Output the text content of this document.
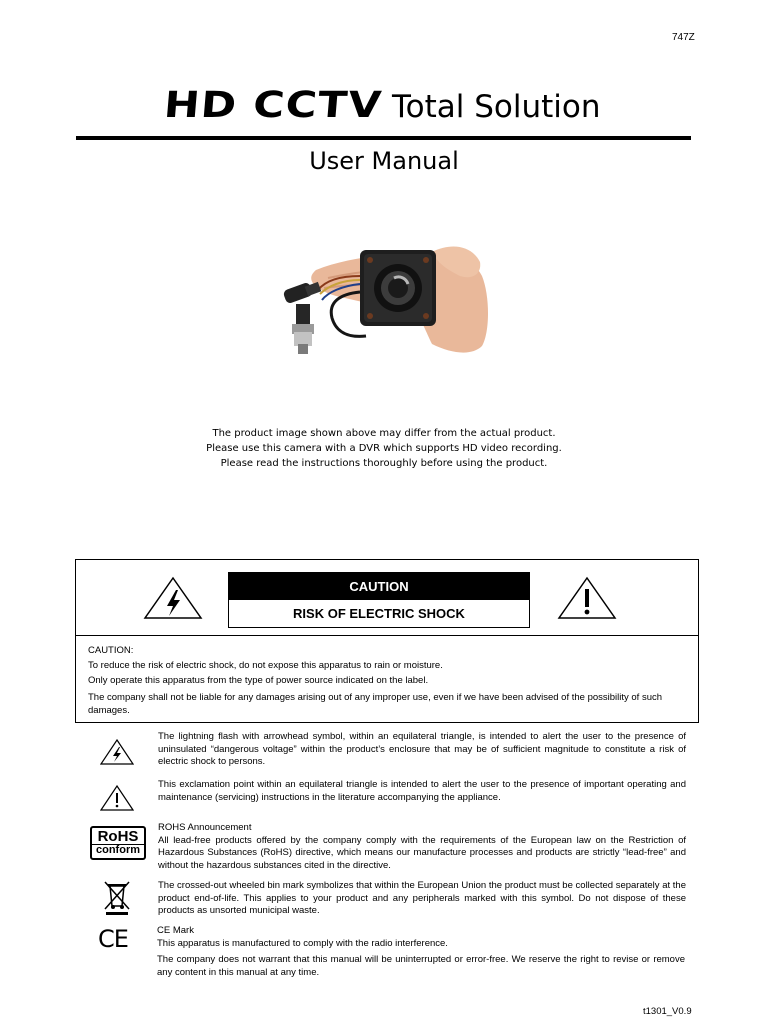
747Z
HD CCTV Total Solution
User Manual
The product image shown above may differ from the actual product.
Please use this camera with a DVR which supports HD video recording.
Please read the instructions thoroughly before using the product.
CAUTION
RISK OF ELECTRIC SHOCK

CAUTION:

To reduce the risk of electric shock, do not expose this apparatus to rain or moisture.

Only operate this apparatus from the type of power source indicated on the label.

The company shall not be liable for any damages arising out of any improper use, even if we have been advised of the possibility of such damages.

The lightning flash with arrowhead symbol, within an equilateral triangle, is intended to alert the user to the presence of uninsulated “dangerous voltage” within the product’s enclosure that may be of sufficient magnitude to constitute a risk of electric shock to persons.
This exclamation point within an equilateral triangle is intended to alert the user to the presence of important operating and maintenance (servicing) instructions in the literature accompanying the appliance.
RoHS
conform

ROHS Announcement

All lead-free products offered by the company comply with the requirements of the European law on the Restriction of Hazardous Substances (RoHS) directive, which means our manufacture processes and products are strictly “lead-free” and without the hazardous substances cited in the directive.

The crossed-out wheeled bin mark symbolizes that within the European Union the product must be collected separately at the product end-of-life. This applies to your product and any peripherals marked with this symbol. Do not dispose of these products as unsorted municipal waste.
CE	CE Mark

This apparatus is manufactured to comply with the radio interference.

The company does not warrant that this manual will be uninterrupted or error-free. We reserve the right to revise or remove any content in this manual at any time.

t1301_V0.9
